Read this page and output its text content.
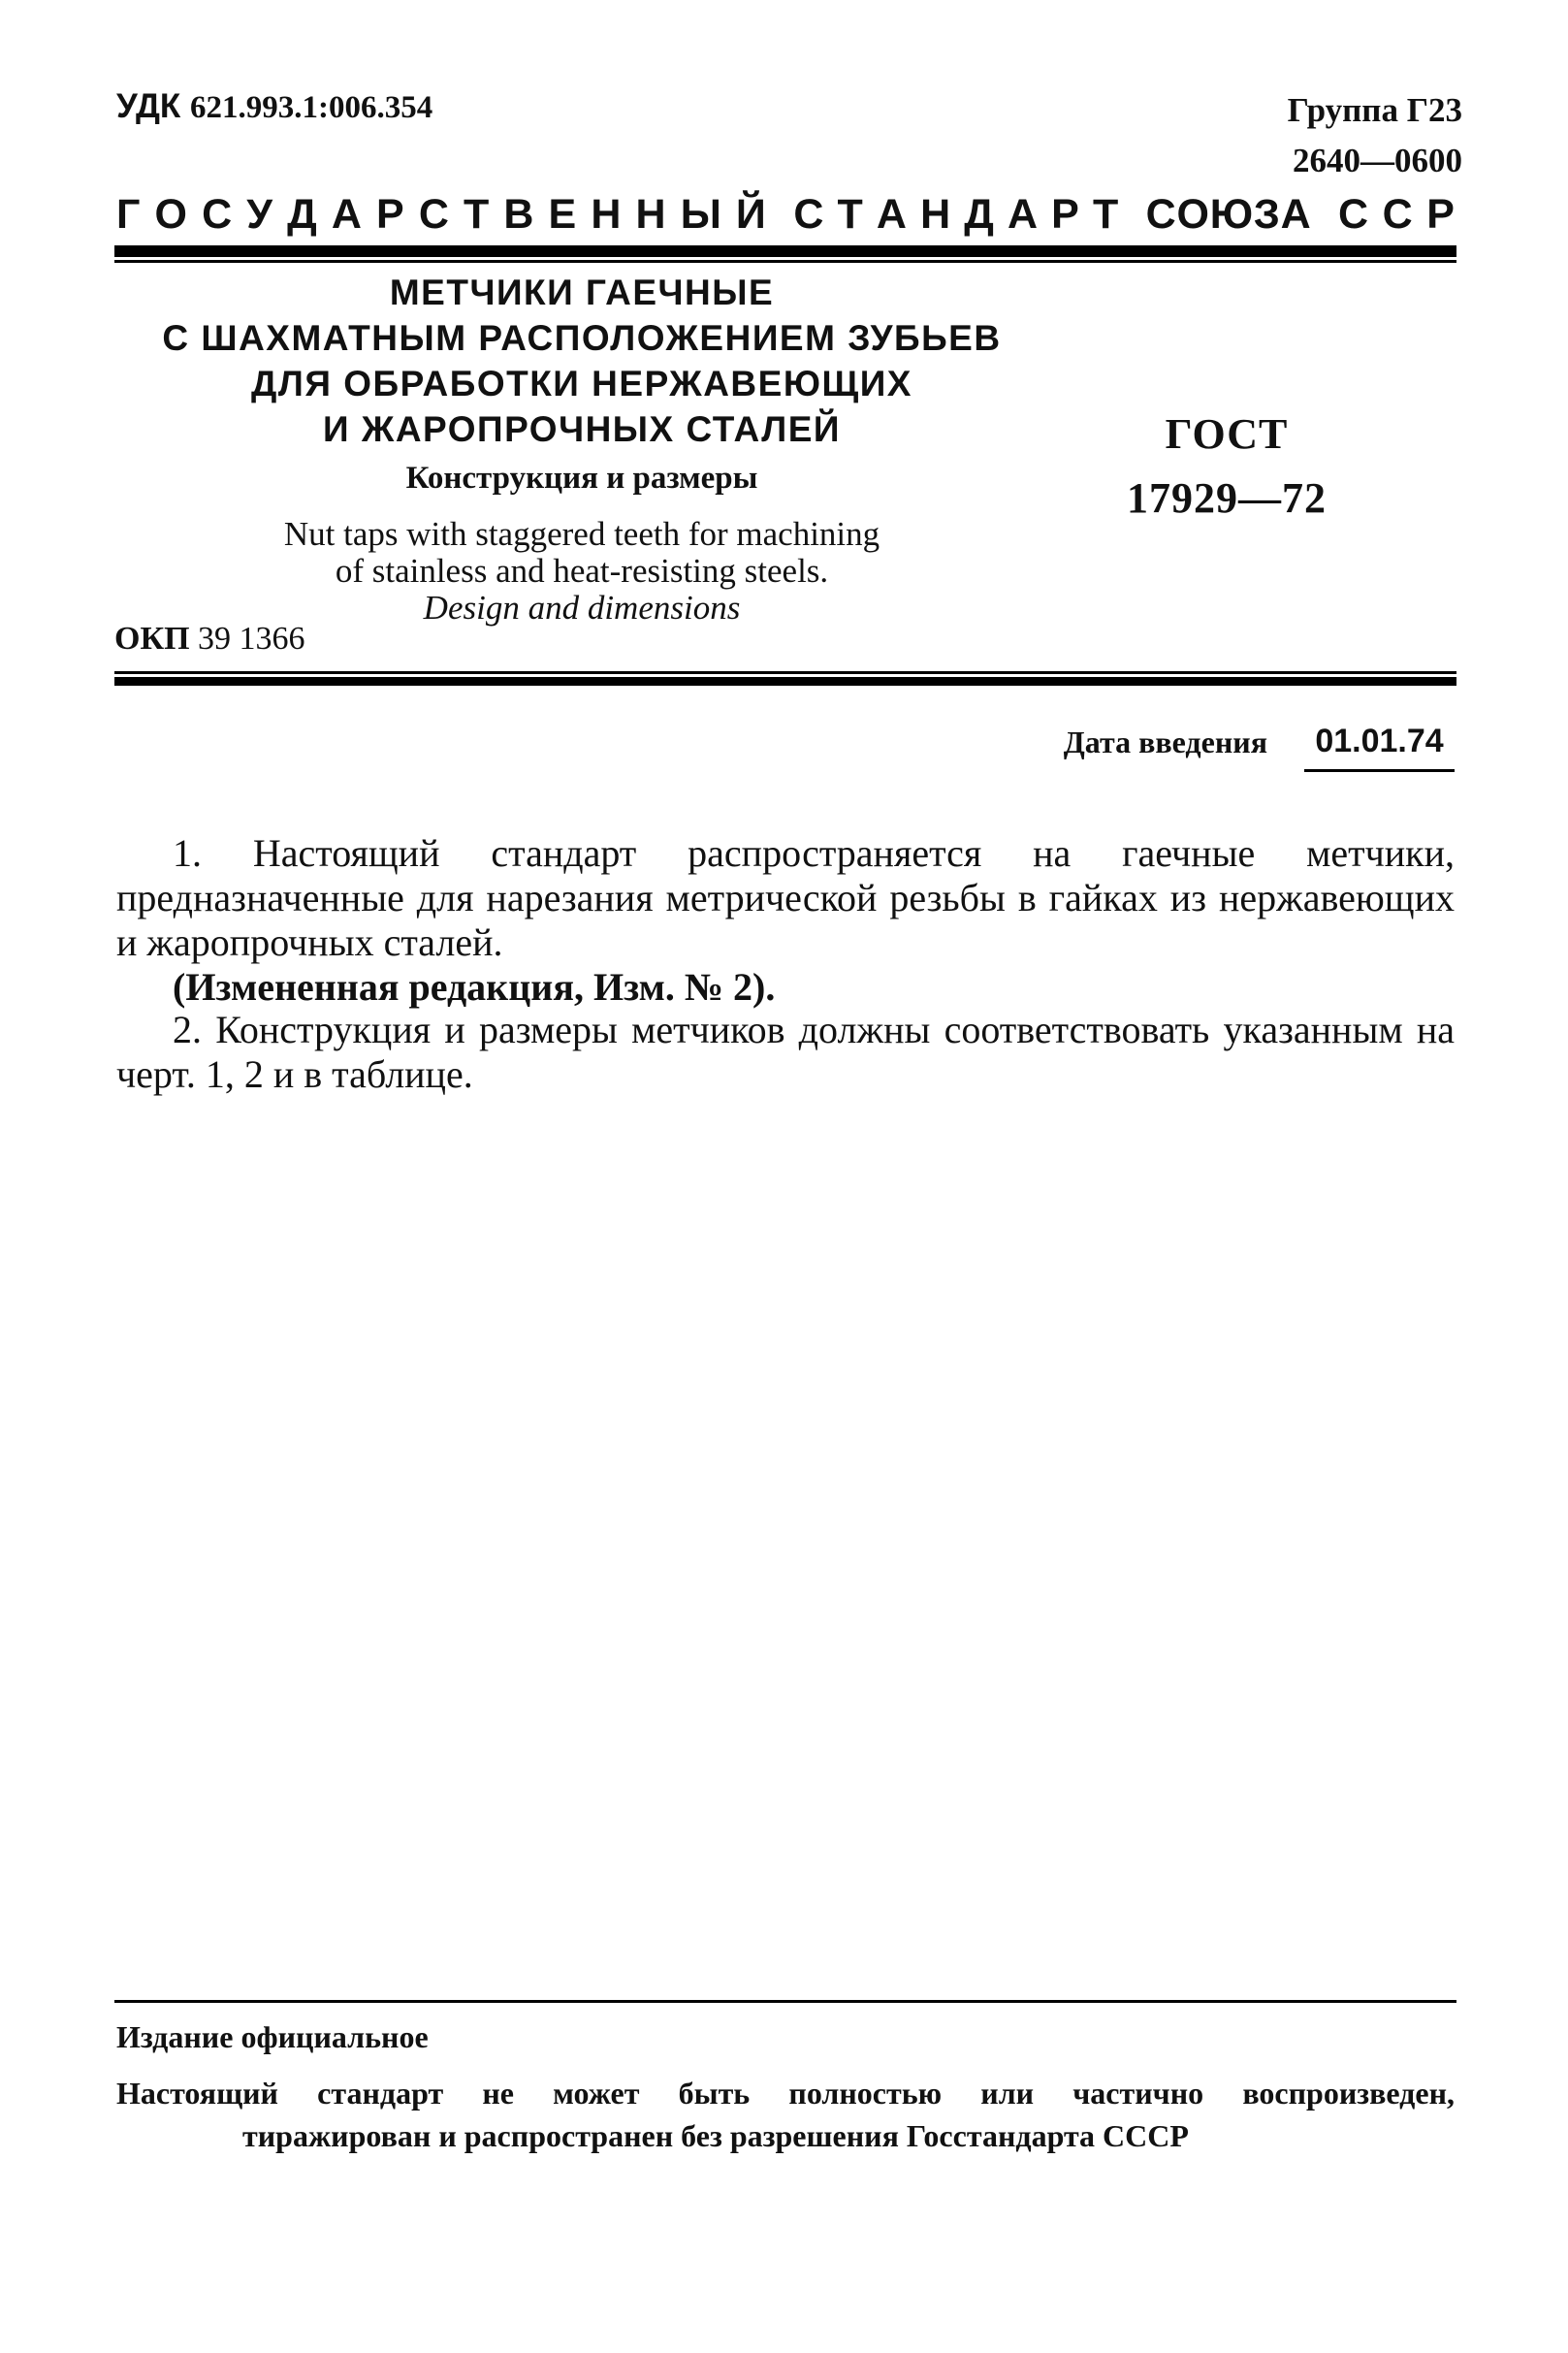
УДК 621.993.1:006.354	Группа Г23
2640—0600
Г О С У Д А Р С Т В Е Н Н Ы Й С Т А Н Д А Р Т С О Ю З А С С Р
МЕТЧИКИ ГАЕЧНЫЕ
С ШАХМАТНЫМ РАСПОЛОЖЕНИЕМ ЗУБЬЕВ
ДЛЯ ОБРАБОТКИ НЕРЖАВЕЮЩИХ
И ЖАРОПРОЧНЫХ СТАЛЕЙ
Конструкция и размеры
Nut taps with staggered teeth for machining
of stainless and heat-resisting steels.
Design and dimensions
ГОСТ
17929—72
ОКП 39 1366
Дата введения	01.01.74
1. Настоящий стандарт распространяется на гаечные метчики, предназначенные для нарезания метрической резьбы в гайках из нержавеющих и жаропрочных сталей.
(Измененная редакция, Изм. № 2).
2. Конструкция и размеры метчиков должны соответствовать указанным на черт. 1, 2 и в таблице.
Издание официальное
Настоящий стандарт не может быть полностью или частично воспроизведен,
тиражирован и распространен без разрешения Госстандарта СССР
